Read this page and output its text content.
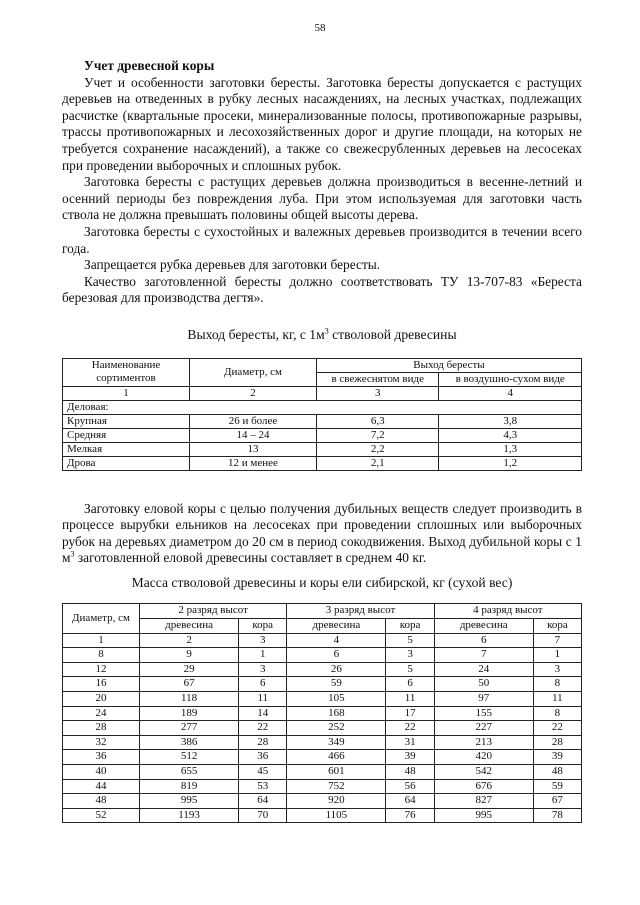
58

Учет древесной коры

Учет и особенности заготовки бересты. Заготовка бересты допускается с растущих деревьев на отведенных в рубку лесных насаждениях, на лесных участках, подлежащих расчистке (квартальные просеки, минерализованные полосы, противопожарные разрывы, трассы противопожарных и лесохозяйственных дорог и другие площади, на которых не требуется сохранение насаждений), а также со свежесрубленных деревьев на лесосеках при проведении выборочных и сплошных рубок.

Заготовка бересты с растущих деревьев должна производиться в весенне-летний и осенний периоды без повреждения луба. При этом используемая для заготовки часть ствола не должна превышать половины общей высоты дерева.

Заготовка бересты с сухостойных и валежных деревьев производится в течении всего года.

Запрещается рубка деревьев для заготовки бересты.

Качество заготовленной бересты должно соответствовать ТУ 13-707-83 «Береста березовая для производства дегтя».

Выход бересты, кг, с $1м^3$ стволовой древесины

Наименование сортиментов	Диаметр, см	Выход бересты	
		в свежеснятом виде	в воздушно-сухом виде
1	2	3	4
Деловая:			
Крупная	26 и более	6,3	3,8
Средняя	14 – 24	7,2	4,3
Мелкая	13	2,2	1,3
Дрова	12 и менее	2,1	1,2

Заготовку еловой коры с целью получения дубильных веществ следует производить в процессе вырубки ельников на лесосеках при проведении сплошных или выборочных рубок на деревьях диаметром до 20 см в период сокодвижения. Выход дубильной коры с 1 $м^3$ заготовленной еловой древесины составляет в среднем 40 кг.

Масса стволовой древесины и коры ели сибирской, кг (сухой вес)

Диаметр, см	2 разряд высот		3 разряд высот		4 разряд высот	
	древесина	кора	древесина	кора	древесина	кора
1	2	3	4	5	6	7
8	9	1	6	3	7	1
12	29	3	26	5	24	3
16	67	6	59	6	50	8
20	118	11	105	11	97	11
24	189	14	168	17	155	8
28	277	22	252	22	227	22
32	386	28	349	31	213	28
36	512	36	466	39	420	39
40	655	45	601	48	542	48
44	819	53	752	56	676	59
48	995	64	920	64	827	67
52	1193	70	1105	76	995	78
